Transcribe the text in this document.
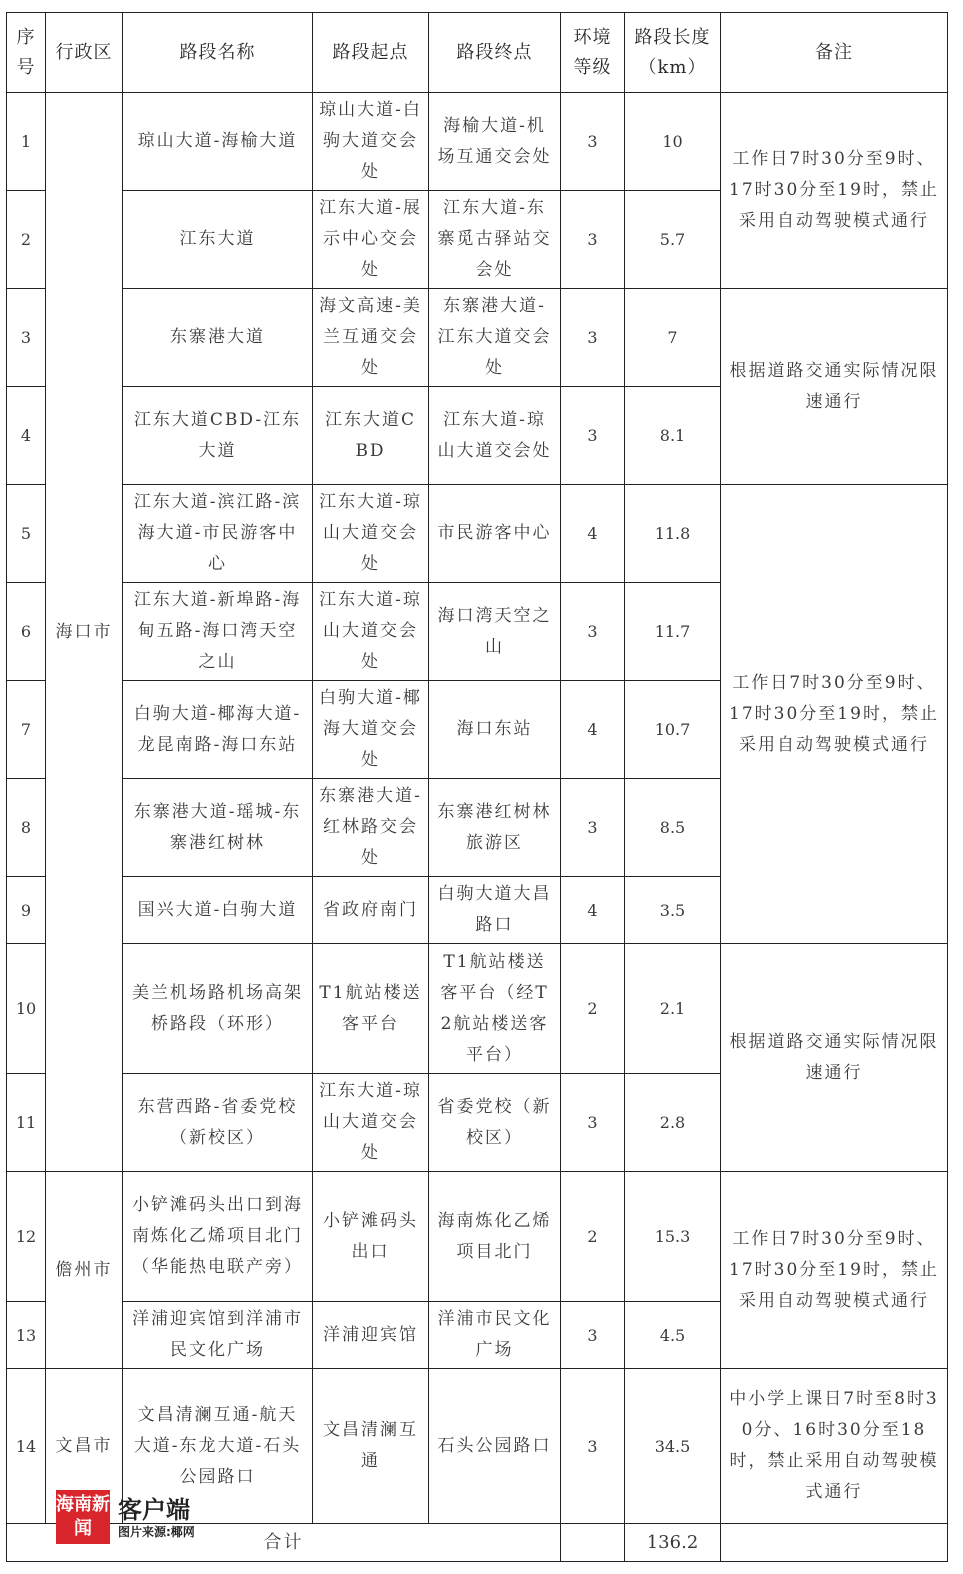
序号	行政区	路段名称	路段起点	路段终点	环境等级	路段长度（km）	备注
1	海口市	琼山大道-海榆大道	琼山大道-白驹大道交会处	海榆大道-机场互通交会处	3	10	工作日7时30分至9时、17时30分至19时，禁止采用自动驾驶模式通行
2		江东大道	江东大道-展示中心交会处	江东大道-东寨觅古驿站交会处	3	5.7	
3		东寨港大道	海文高速-美兰互通交会处	东寨港大道-江东大道交会处	3	7	根据道路交通实际情况限速通行
4		江东大道CBD-江东大道	江东大道CBD	江东大道-琼山大道交会处	3	8.1	
5		江东大道-滨江路-滨海大道-市民游客中心	江东大道-琼山大道交会处	市民游客中心	4	11.8	工作日7时30分至9时、17时30分至19时，禁止采用自动驾驶模式通行
6		江东大道-新埠路-海甸五路-海口湾天空之山	江东大道-琼山大道交会处	海口湾天空之山	3	11.7	
7		白驹大道-椰海大道-龙昆南路-海口东站	白驹大道-椰海大道交会处	海口东站	4	10.7	
8		东寨港大道-瑶城-东寨港红树林	东寨港大道-红林路交会处	东寨港红树林旅游区	3	8.5	
9		国兴大道-白驹大道	省政府南门	白驹大道大昌路口	4	3.5	
10		美兰机场路机场高架桥路段（环形）	T1航站楼送客平台	T1航站楼送客平台（经T2航站楼送客平台）	2	2.1	根据道路交通实际情况限速通行
11		东营西路-省委党校（新校区）	江东大道-琼山大道交会处	省委党校（新校区）	3	2.8	
12	儋州市	小铲滩码头出口到海南炼化乙烯项目北门（华能热电联产旁）	小铲滩码头出口	海南炼化乙烯项目北门	2	15.3	工作日7时30分至9时、17时30分至19时，禁止采用自动驾驶模式通行
13		洋浦迎宾馆到洋浦市民文化广场	洋浦迎宾馆	洋浦市民文化广场	3	4.5	
14	文昌市	文昌清澜互通-航天大道-东龙大道-石头公园路口	文昌清澜互通	石头公园路口	3	34.5	中小学上课日7时至8时30分、16时30分至18时，禁止采用自动驾驶模式通行
合计						136.2	
海南新闻
客户端
图片来源:椰网
